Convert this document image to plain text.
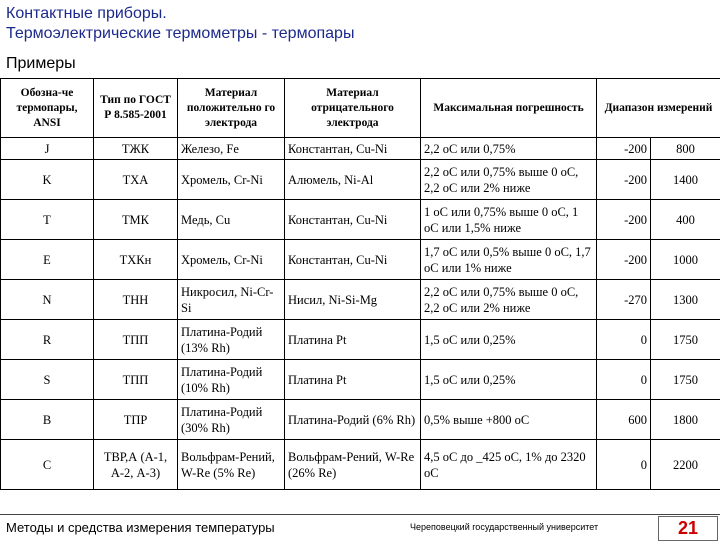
Контактные приборы.
Термоэлектрические термометры - термопары
Примеры
Обозна-че термопары, ANSI	Тип по ГОСТ Р 8.585-2001	Материал положительно го электрода	Материал отрицательного электрода	Максимальная погрешность	Диапазон измерений	
J	ТЖК	Железо, Fe	Константан, Cu-Ni	2,2 оС или 0,75%	-200	800
K	ТХА	Хромель, Cr-Ni	Алюмель, Ni-Al	2,2 оС или 0,75% выше 0 оС, 2,2 оС или 2% ниже	-200	1400
T	ТМК	Медь, Cu	Константан, Cu-Ni	1 оС или 0,75% выше 0 оС, 1 оС или 1,5% ниже	-200	400
E	ТХКн	Хромель, Cr-Ni	Константан, Cu-Ni	1,7 оС или 0,5% выше 0 оС, 1,7 оС или 1% ниже	-200	1000
N	ТНН	Никросил, Ni-Cr-Si	Нисил, Ni-Si-Mg	2,2 оС или 0,75% выше 0 оС, 2,2 оС или 2% ниже	-270	1300
R	ТПП	Платина-Родий (13% Rh)	Платина Pt	1,5 оС или 0,25%	0	1750
S	ТПП	Платина-Родий (10% Rh)	Платина Pt	1,5 оС или 0,25%	0	1750
B	ТПР	Платина-Родий (30% Rh)	Платина-Родий (6% Rh)	0,5% выше +800 оС	600	1800
C	ТВР,А (А-1, А-2, А-3)	Вольфрам-Рений, W-Re (5% Re)	Вольфрам-Рений, W-Re (26% Re)	4,5 оС до _425 оС, 1% до 2320 оС	0	2200
Методы и средства измерения температуры	Череповецкий государственный университет	21
